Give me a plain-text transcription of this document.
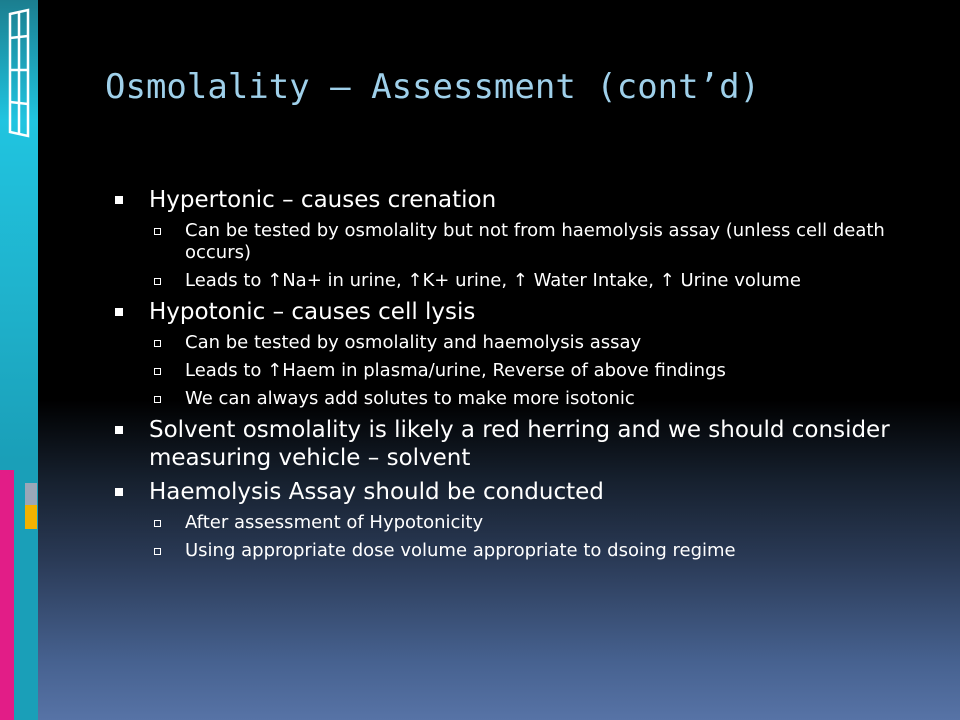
Osmolality – Assessment (cont’d)
Hypertonic – causes crenation
Can be tested by osmolality but not from haemolysis assay (unless cell death occurs)
Leads to ↑Na+ in urine, ↑K+ urine, ↑ Water Intake, ↑ Urine volume
Hypotonic – causes cell lysis
Can be tested by osmolality and haemolysis assay
Leads to ↑Haem in plasma/urine, Reverse of above findings
We can always add solutes to make more isotonic
Solvent osmolality is likely a red herring and we should consider measuring vehicle – solvent
Haemolysis Assay should be conducted
After assessment of Hypotonicity
Using appropriate dose volume appropriate to dsoing regime
